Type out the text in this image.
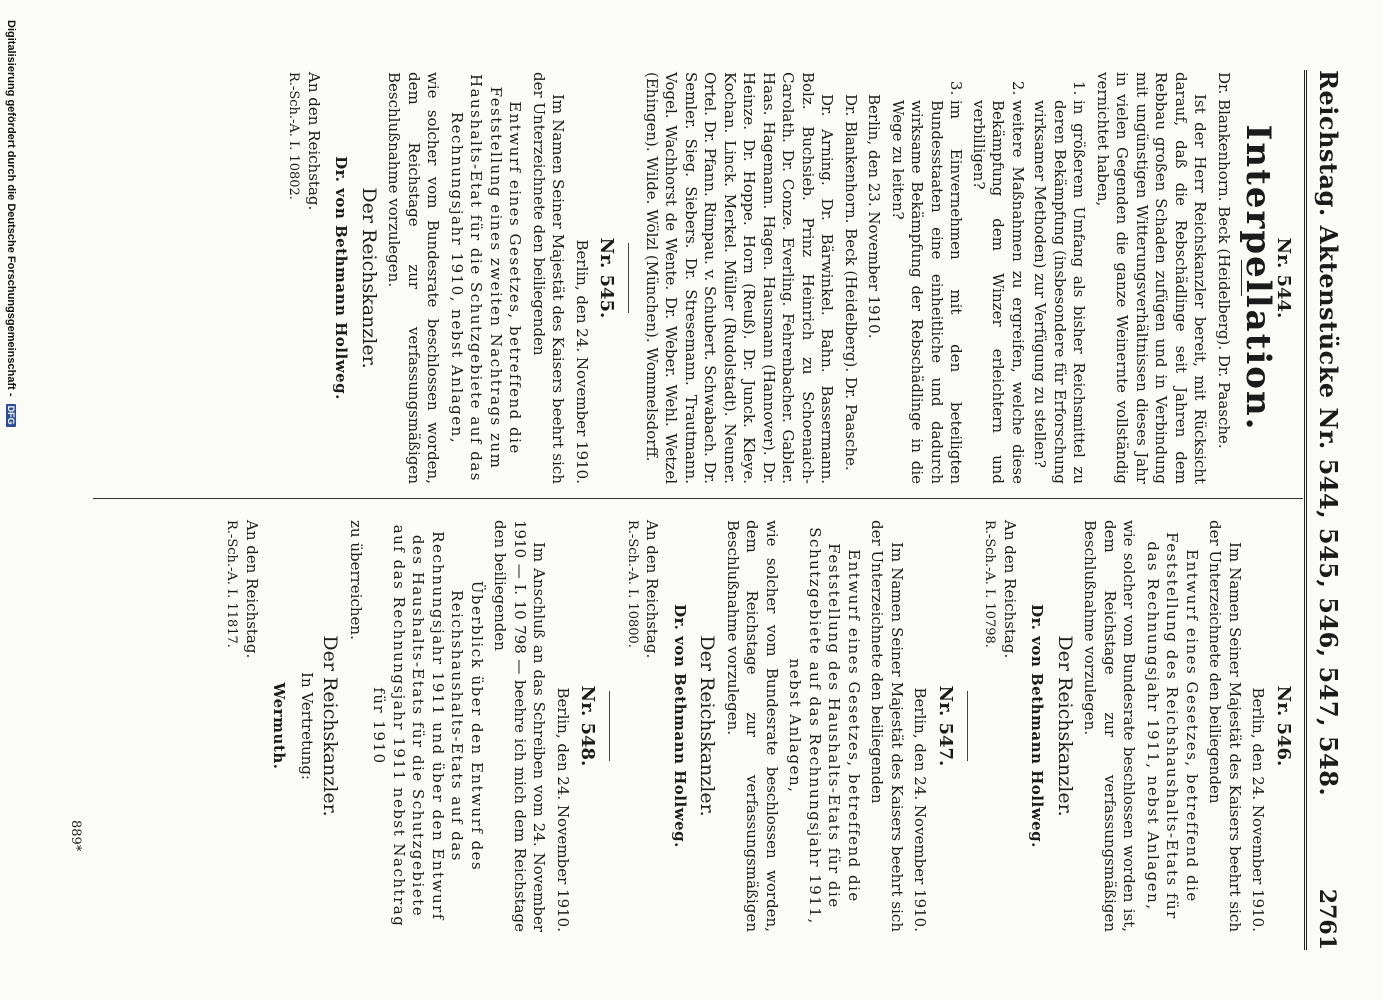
Reichstag. Aktenstücke Nr. 544, 545, 546, 547, 548.
2761
Nr. 544.
Interpellation.

Dr. Blankenhorn. Beck (Heidelberg). Dr. Paasche.

Ist der Herr Reichskanzler bereit, mit Rücksicht darauf, daß die Rebschädlinge seit Jahren dem Rebbau großen Schaden zufügen und in Verbindung mit ungünstigen Witterungsverhältnissen dieses Jahr in vielen Gegenden die ganze Weinernte vollständig vernichtet haben,

1. in größerem Umfang als bisher Reichsmittel zu deren Bekämpfung (insbesondere für Erforschung wirksamer Methoden) zur Verfügung zu stellen?
2. weitere Maßnahmen zu ergreifen, welche diese Bekämpfung dem Winzer erleichtern und verbilligen?
3. im Einvernehmen mit den beteiligten Bundesstaaten eine einheitliche und dadurch wirksame Bekämpfung der Rebschädlinge in die Wege zu leiten?

Berlin, den 23. November 1910.

Dr. Blankenhorn. Beck (Heidelberg). Dr. Paasche.

Dr. Arning. Dr. Bärwinkel. Bahn. Bassermann. Bolz. Buchsieb. Prinz Heinrich zu Schoenaich-Carolath. Dr. Conze. Everling. Fehrenbacher. Gabler. Haas. Hagemann. Hagen. Hausmann (Hannover). Dr. Heinze. Dr. Hoppe. Horn (Reuß). Dr. Junck. Kleye. Kochan. Linck. Merkel. Müller (Rudolstadt). Neuner. Ortel. Dr. Pfann. Rimpau. v. Schubert. Schwabach. Dr. Semler. Sieg. Siebers. Dr. Stresemann. Trautmann. Vogel. Wachhorst de Wente. Dr. Weber. Wehl. Wetzel (Ehingen). Wilde. Wölzl (München). Wommelsdorff.

Nr. 545.

Berlin, den 24. November 1910.

Im Namen Seiner Majestät des Kaisers beehrt sich der Unterzeichnete den beiliegenden

Entwurf eines Gesetzes, betreffend die Feststellung eines zweiten Nachtrags zum Haushalts-Etat für die Schutzgebiete auf das Rechnungsjahr 1910, nebst Anlagen,

wie solcher vom Bundesrate beschlossen worden, dem Reichstage zur verfassungsmäßigen Beschlußnahme vorzulegen.

Der Reichskanzler.
Dr. von Bethmann Hollweg.

An den Reichstag.

R.-Sch.-A. I. 10802.

Nr. 546.

Berlin, den 24. November 1910.

Im Namen Seiner Majestät des Kaisers beehrt sich der Unterzeichnete den beiliegenden

Entwurf eines Gesetzes, betreffend die Feststellung des Reichshaushalts-Etats für das Rechnungsjahr 1911, nebst Anlagen,

wie solcher vom Bundesrate beschlossen worden ist, dem Reichstage zur verfassungsmäßigen Beschlußnahme vorzulegen.

Der Reichskanzler.
Dr. von Bethmann Hollweg.

An den Reichstag.

R.-Sch.-A. I. 10798.

Nr. 547.

Berlin, den 24. November 1910.

Im Namen Seiner Majestät des Kaisers beehrt sich der Unterzeichnete den beiliegenden

Entwurf eines Gesetzes, betreffend die Feststellung des Haushalts-Etats für die Schutzgebiete auf das Rechnungsjahr 1911, nebst Anlagen,

wie solcher vom Bundesrate beschlossen worden, dem Reichstage zur verfassungsmäßigen Beschlußnahme vorzulegen.

Der Reichskanzler.
Dr. von Bethmann Hollweg.

An den Reichstag.

R.-Sch.-A. I. 10800.

Nr. 548.

Berlin, den 24. November 1910.

Im Anschluß an das Schreiben vom 24. November 1910 — I. 10 798 — beehre ich mich dem Reichstage den beiliegenden

Überblick über den Entwurf des Reichshaushalts-Etats auf das Rechnungsjahr 1911 und über den Entwurf des Haushalts-Etats für die Schutzgebiete auf das Rechnungsjahr 1911 nebst Nachtrag für 1910

zu überreichen.

Der Reichskanzler.
In Vertretung:
Wermuth.

An den Reichstag.

R.-Sch.-A. I. 11817.

889*
Digitalisierung gefördert durch die Deutsche Forschungsgemeinschaft - DFG
